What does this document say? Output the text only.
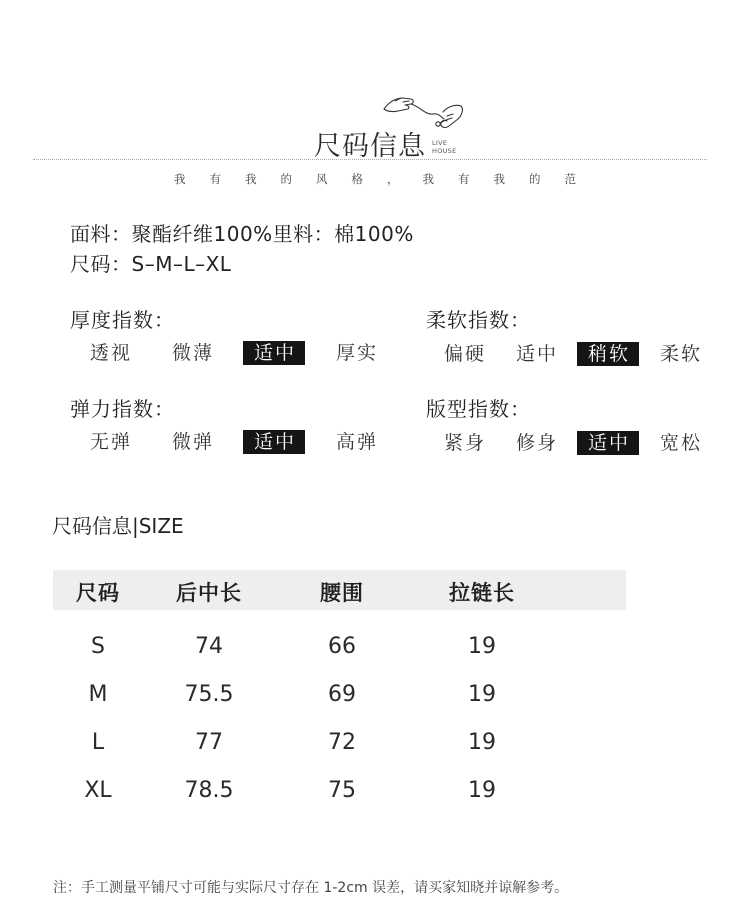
尺码信息 LIVE
HOUSE
我 有 我 的 风 格 ， 我 有 我 的 范
面料：聚酯纤维100%里料：棉100%
尺码：S–M–L–XL
厚度指数：
透视	微薄	适中	厚实
柔软指数：
偏硬	适中	稍软	柔软
弹力指数：
无弹	微弹	适中	高弹
版型指数：
紧身	修身	适中	宽松
尺码信息|SIZE
尺码	后中长	腰围	拉链长
S	74	66	19
M	75.5	69	19
L	77	72	19
XL	78.5	75	19
注：手工测量平铺尺寸可能与实际尺寸存在 1-2cm 误差，请买家知晓并谅解参考。
